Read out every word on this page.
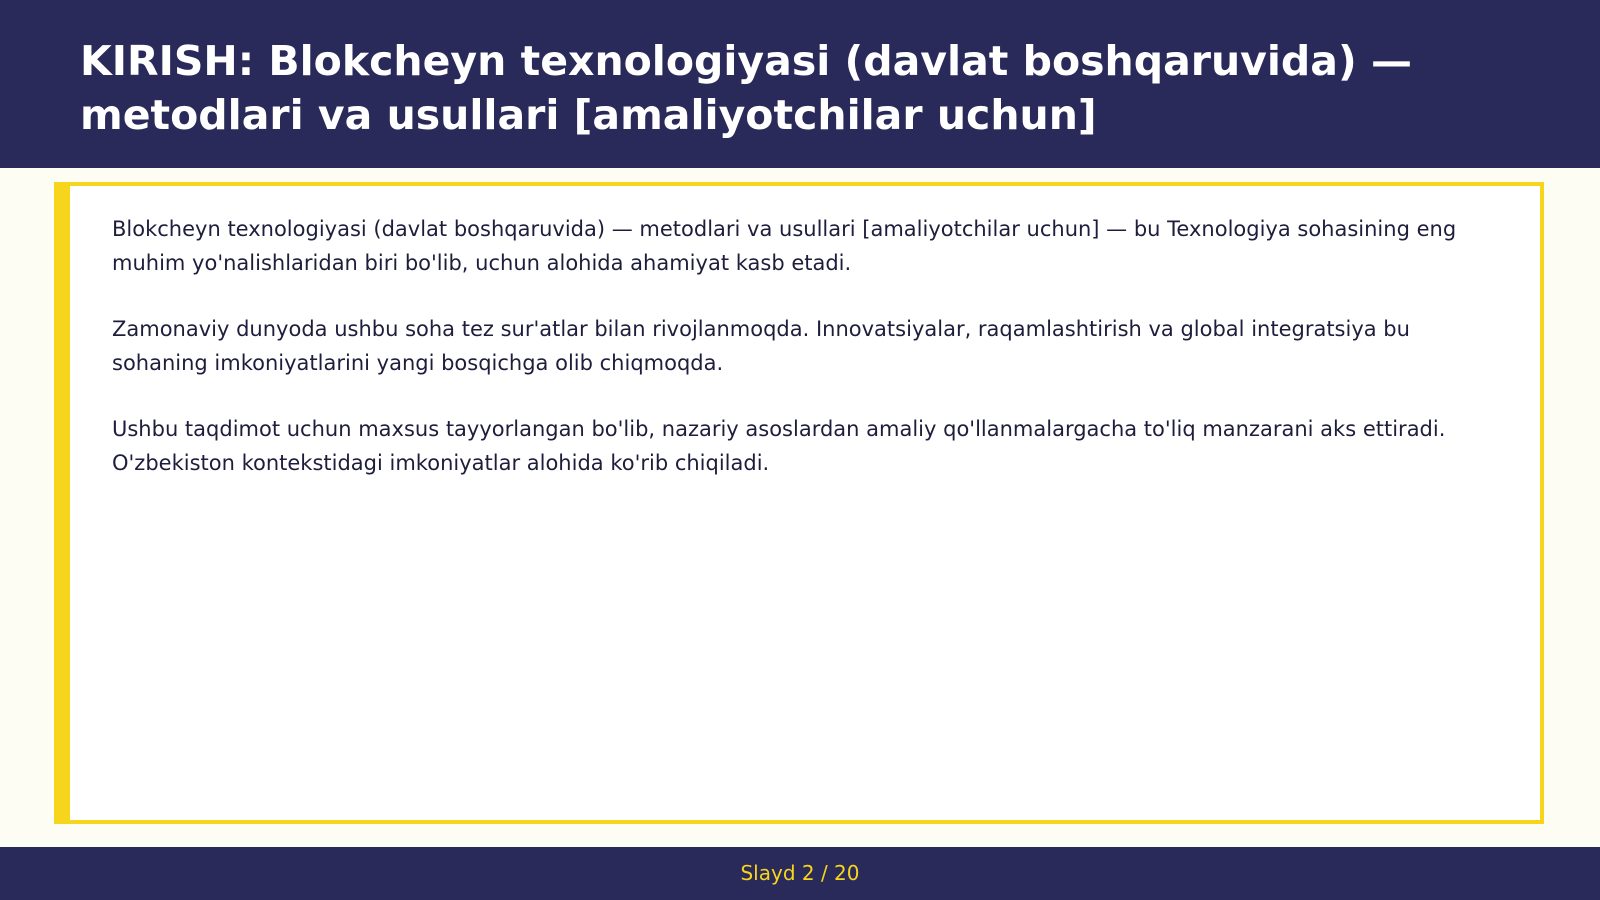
KIRISH: Blokcheyn texnologiyasi (davlat boshqaruvida) — metodlari va usullari [amaliyotchilar uchun]

Blokcheyn texnologiyasi (davlat boshqaruvida) — metodlari va usullari [amaliyotchilar uchun] — bu Texnologiya sohasining eng muhim yo'nalishlaridan biri bo'lib, uchun alohida ahamiyat kasb etadi.

Zamonaviy dunyoda ushbu soha tez sur'atlar bilan rivojlanmoqda. Innovatsiyalar, raqamlashtirish va global integratsiya bu sohaning imkoniyatlarini yangi bosqichga olib chiqmoqda.

Ushbu taqdimot uchun maxsus tayyorlangan bo'lib, nazariy asoslardan amaliy qo'llanmalargacha to'liq manzarani aks ettiradi. O'zbekiston kontekstidagi imkoniyatlar alohida ko'rib chiqiladi.

Slayd 2 / 20
